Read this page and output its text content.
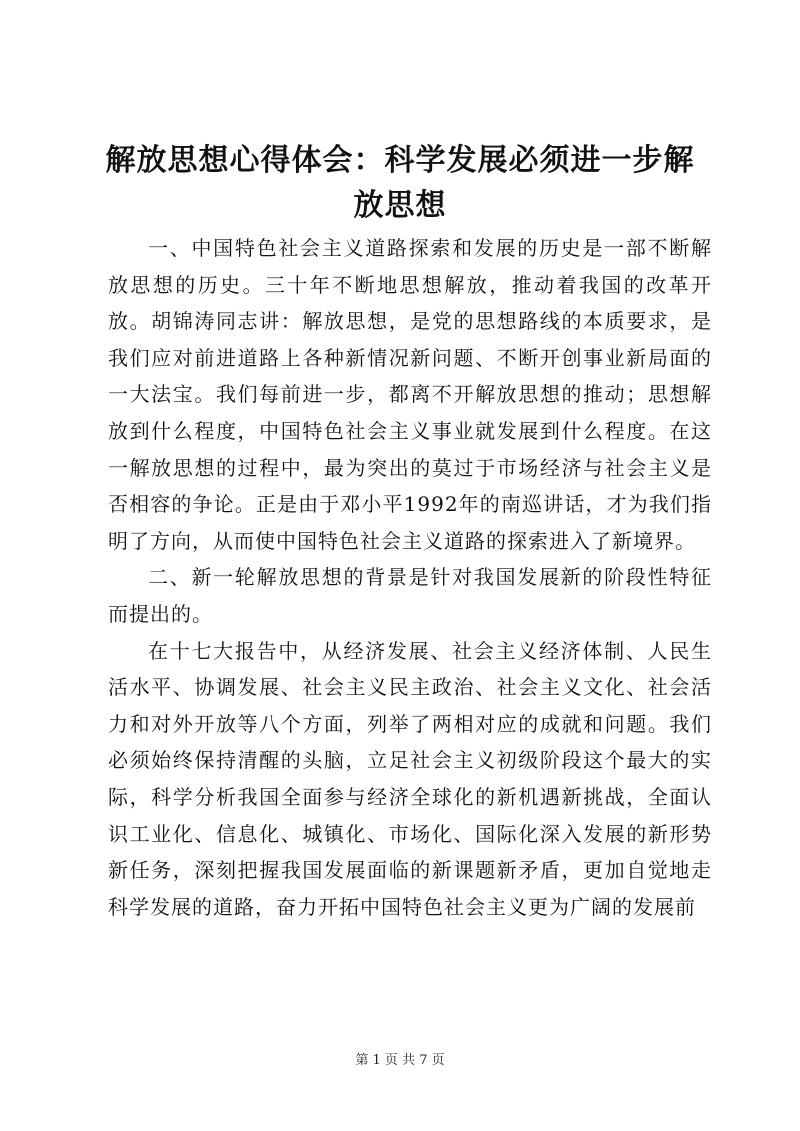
解放思想心得体会：科学发展必须进一步解放思想

一、中国特色社会主义道路探索和发展的历史是一部不断解放思想的历史。三十年不断地思想解放，推动着我国的改革开放。胡锦涛同志讲：解放思想，是党的思想路线的本质要求，是我们应对前进道路上各种新情况新问题、不断开创事业新局面的一大法宝。我们每前进一步，都离不开解放思想的推动；思想解放到什么程度，中国特色社会主义事业就发展到什么程度。在这一解放思想的过程中，最为突出的莫过于市场经济与社会主义是否相容的争论。正是由于邓小平1992年的南巡讲话，才为我们指明了方向，从而使中国特色社会主义道路的探索进入了新境界。

二、新一轮解放思想的背景是针对我国发展新的阶段性特征而提出的。

在十七大报告中，从经济发展、社会主义经济体制、人民生活水平、协调发展、社会主义民主政治、社会主义文化、社会活力和对外开放等八个方面，列举了两相对应的成就和问题。我们必须始终保持清醒的头脑，立足社会主义初级阶段这个最大的实际，科学分析我国全面参与经济全球化的新机遇新挑战，全面认识工业化、信息化、城镇化、市场化、国际化深入发展的新形势新任务，深刻把握我国发展面临的新课题新矛盾，更加自觉地走科学发展的道路，奋力开拓中国特色社会主义更为广阔的发展前

第 1 页 共 7 页
